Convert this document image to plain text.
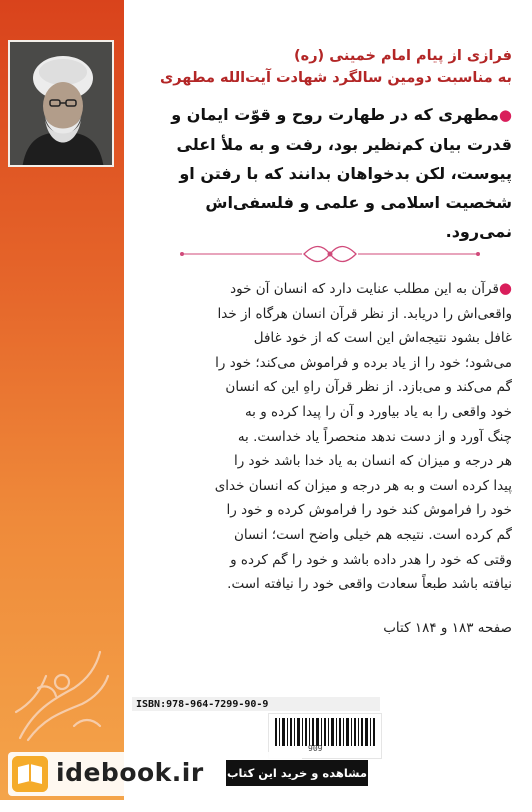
فرازی از پیام امام خمینی (ره)
به مناسبت دومین سالگرد شهادت آیت‌الله مطهری
●مطهری که در طهارت روح و قوّت ایمان و
قدرت بیان کم‌نظیر بود، رفت و به ملأ اعلی
پیوست، لکن بدخواهان بدانند که با رفتن او
شخصیت اسلامی و علمی و فلسفی‌اش نمی‌رود.
●قرآن به این مطلب عنایت دارد که انسان آن خود
واقعی‌اش را دریابد. از نظر قرآن انسان هرگاه از خدا
غافل بشود نتیجه‌اش این است که از خود غافل
می‌شود؛ خود را از یاد برده و فراموش می‌کند؛ خود را
گم می‌کند و می‌بازد. از نظر قرآن راهِ این که انسان
خود واقعی را به یاد بیاورد و آن را پیدا کرده و به
چنگ آورد و از دست ندهد منحصراً یاد خداست. به
هر درجه و میزان که انسان به یاد خدا باشد خود را
پیدا کرده است و به هر درجه و میزان که انسان خدای
خود را فراموش کند خود را فراموش کرده و خود را
گم کرده است. نتیجه هم خیلی واضح است؛ انسان
وقتی که خود را هدر داده باشد و خود را گم کرده و
نیافته باشد طبعاً سعادت واقعی خود را نیافته است.
صفحه ۱۸۳ و ۱۸۴ کتاب
ISBN:978-964-7299-90-9
909
idebook.ir مشاهده و خرید این کتاب در:
